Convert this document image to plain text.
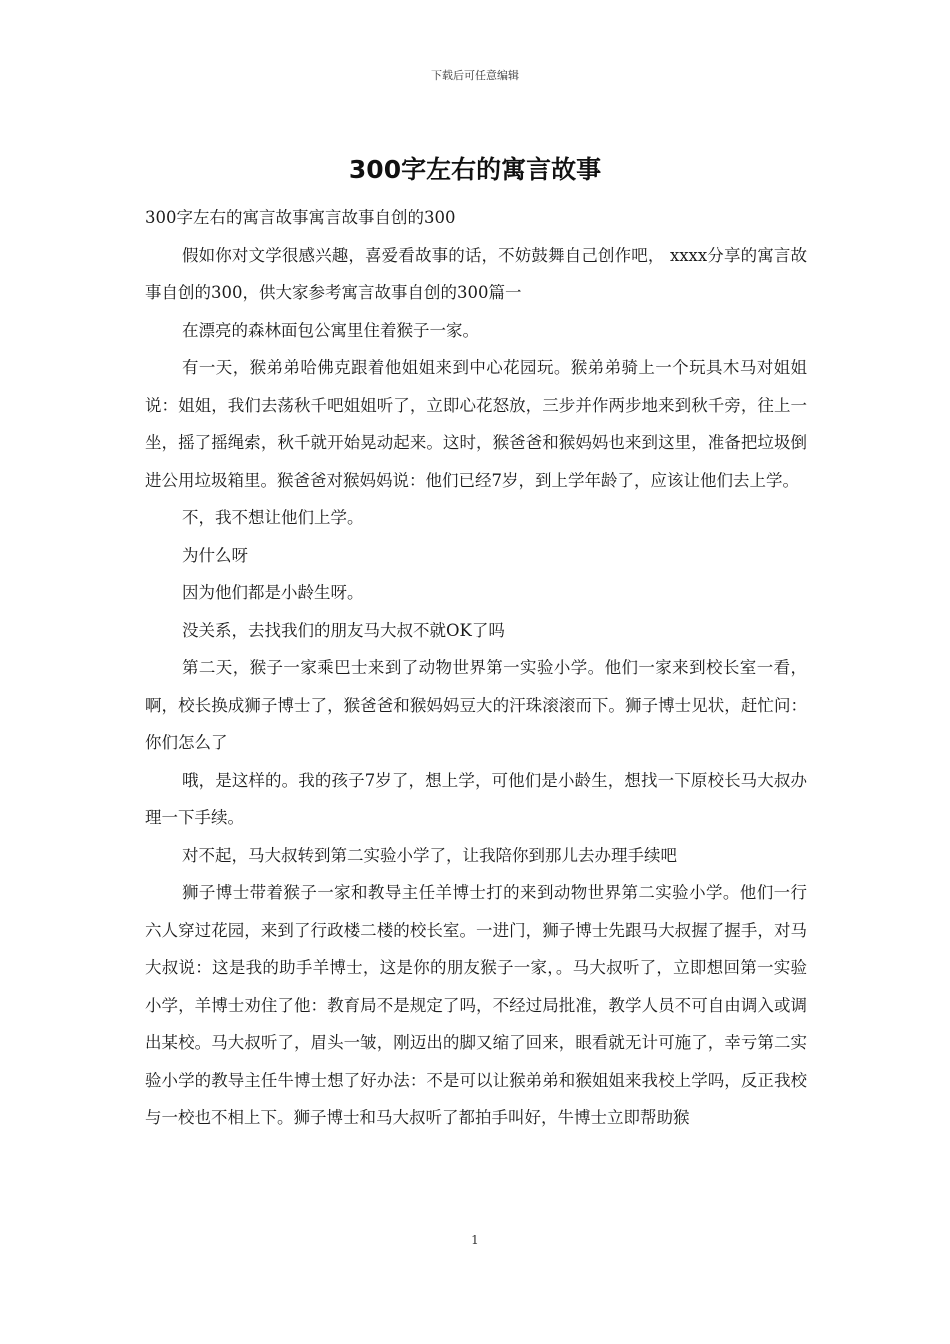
下载后可任意编辑
300字左右的寓言故事

300字左右的寓言故事寓言故事自创的300

假如你对文学很感兴趣，喜爱看故事的话，不妨鼓舞自己创作吧， xxxx分享的寓言故事自创的300，供大家参考寓言故事自创的300篇一

在漂亮的森林面包公寓里住着猴子一家。

有一天，猴弟弟哈佛克跟着他姐姐来到中心花园玩。猴弟弟骑上一个玩具木马对姐姐说：姐姐，我们去荡秋千吧姐姐听了，立即心花怒放，三步并作两步地来到秋千旁，往上一坐，摇了摇绳索，秋千就开始晃动起来。这时，猴爸爸和猴妈妈也来到这里，准备把垃圾倒进公用垃圾箱里。猴爸爸对猴妈妈说：他们已经7岁，到上学年龄了，应该让他们去上学。

不，我不想让他们上学。

为什么呀

因为他们都是小龄生呀。

没关系，去找我们的朋友马大叔不就OK了吗

第二天，猴子一家乘巴士来到了动物世界第一实验小学。他们一家来到校长室一看，啊，校长换成狮子博士了，猴爸爸和猴妈妈豆大的汗珠滚滚而下。狮子博士见状，赶忙问：你们怎么了

哦，是这样的。我的孩子7岁了，想上学，可他们是小龄生，想找一下原校长马大叔办理一下手续。

对不起，马大叔转到第二实验小学了，让我陪你到那儿去办理手续吧

狮子博士带着猴子一家和教导主任羊博士打的来到动物世界第二实验小学。他们一行六人穿过花园，来到了行政楼二楼的校长室。一进门，狮子博士先跟马大叔握了握手，对马大叔说：这是我的助手羊博士，这是你的朋友猴子一家，。马大叔听了，立即想回第一实验小学，羊博士劝住了他：教育局不是规定了吗，不经过局批准，教学人员不可自由调入或调出某校。马大叔听了，眉头一皱，刚迈出的脚又缩了回来，眼看就无计可施了，幸亏第二实验小学的教导主任牛博士想了好办法：不是可以让猴弟弟和猴姐姐来我校上学吗，反正我校与一校也不相上下。狮子博士和马大叔听了都拍手叫好，牛博士立即帮助猴

1
